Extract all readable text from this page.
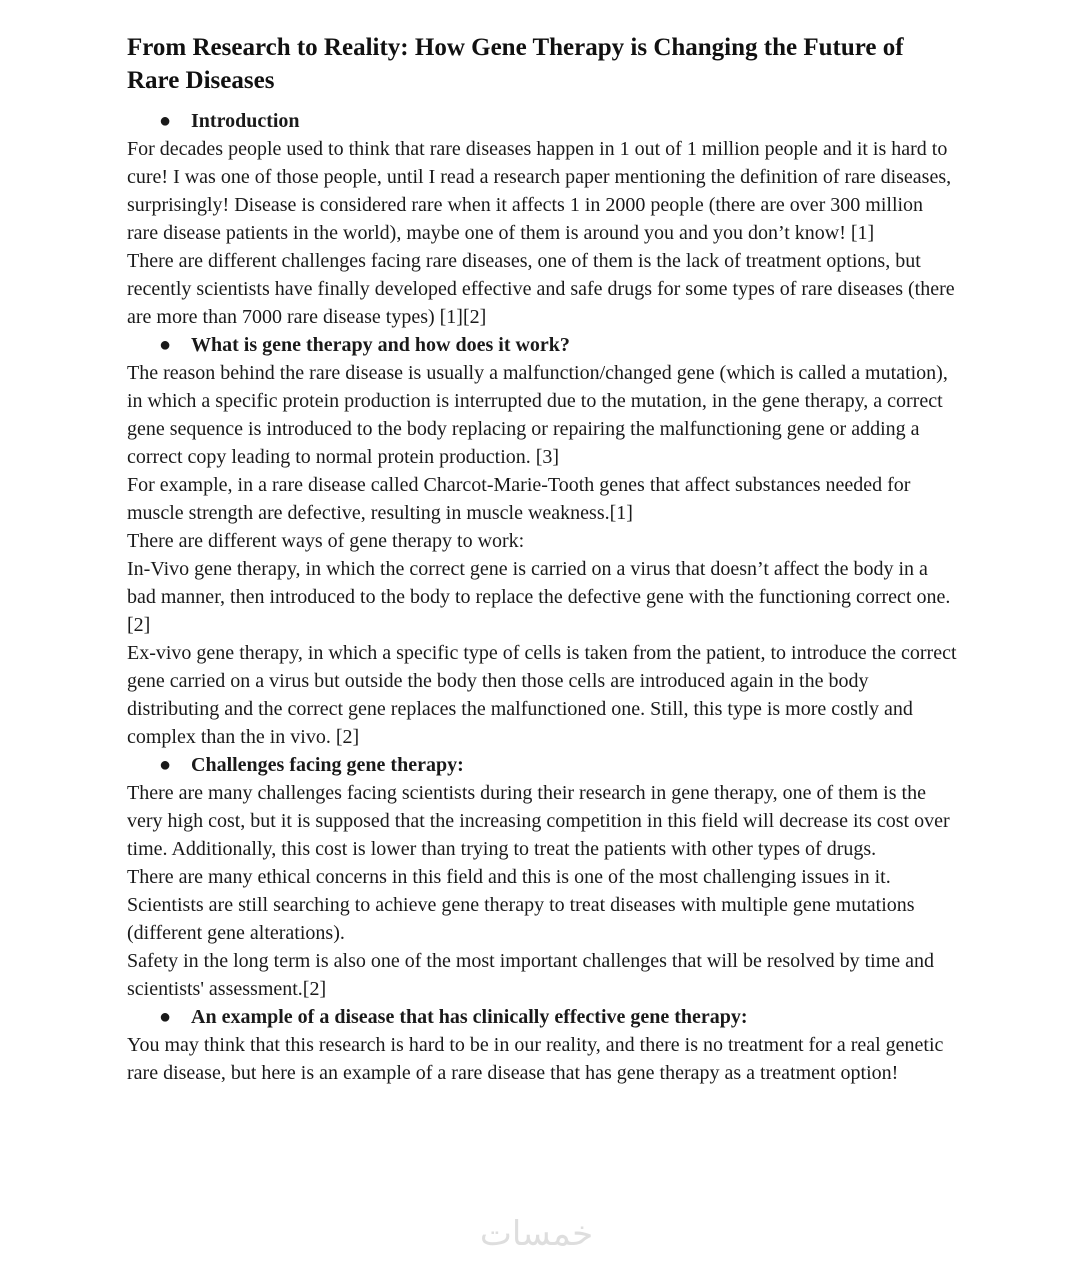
From Research to Reality: How Gene Therapy is Changing the Future of Rare Diseases
● Introduction

For decades people used to think that rare diseases happen in 1 out of 1 million people and it is hard to cure! I was one of those people, until I read a research paper mentioning the definition of rare diseases, surprisingly! Disease is considered rare when it affects 1 in 2000 people (there are over 300 million rare disease patients in the world), maybe one of them is around you and you don’t know! [1]

There are different challenges facing rare diseases, one of them is the lack of treatment options, but recently scientists have finally developed effective and safe drugs for some types of rare diseases (there are more than 7000 rare disease types) [1][2]

● What is gene therapy and how does it work?

The reason behind the rare disease is usually a malfunction/changed gene (which is called a mutation), in which a specific protein production is interrupted due to the mutation, in the gene therapy, a correct gene sequence is introduced to the body replacing or repairing the malfunctioning gene or adding a correct copy leading to normal protein production. [3]

For example, in a rare disease called Charcot-Marie-Tooth genes that affect substances needed for muscle strength are defective, resulting in muscle weakness.[1]

There are different ways of gene therapy to work:

In-Vivo gene therapy, in which the correct gene is carried on a virus that doesn’t affect the body in a bad manner, then introduced to the body to replace the defective gene with the functioning correct one. [2]

Ex-vivo gene therapy, in which a specific type of cells is taken from the patient, to introduce the correct gene carried on a virus but outside the body then those cells are introduced again in the body distributing and the correct gene replaces the malfunctioned one. Still, this type is more costly and complex than the in vivo. [2]

● Challenges facing gene therapy:

There are many challenges facing scientists during their research in gene therapy, one of them is the very high cost, but it is supposed that the increasing competition in this field will decrease its cost over time. Additionally, this cost is lower than trying to treat the patients with other types of drugs.

There are many ethical concerns in this field and this is one of the most challenging issues in it.

Scientists are still searching to achieve gene therapy to treat diseases with multiple gene mutations (different gene alterations).

Safety in the long term is also one of the most important challenges that will be resolved by time and scientists' assessment.[2]

● An example of a disease that has clinically effective gene therapy:

You may think that this research is hard to be in our reality, and there is no treatment for a real genetic rare disease, but here is an example of a rare disease that has gene therapy as a treatment option!

خمسات
